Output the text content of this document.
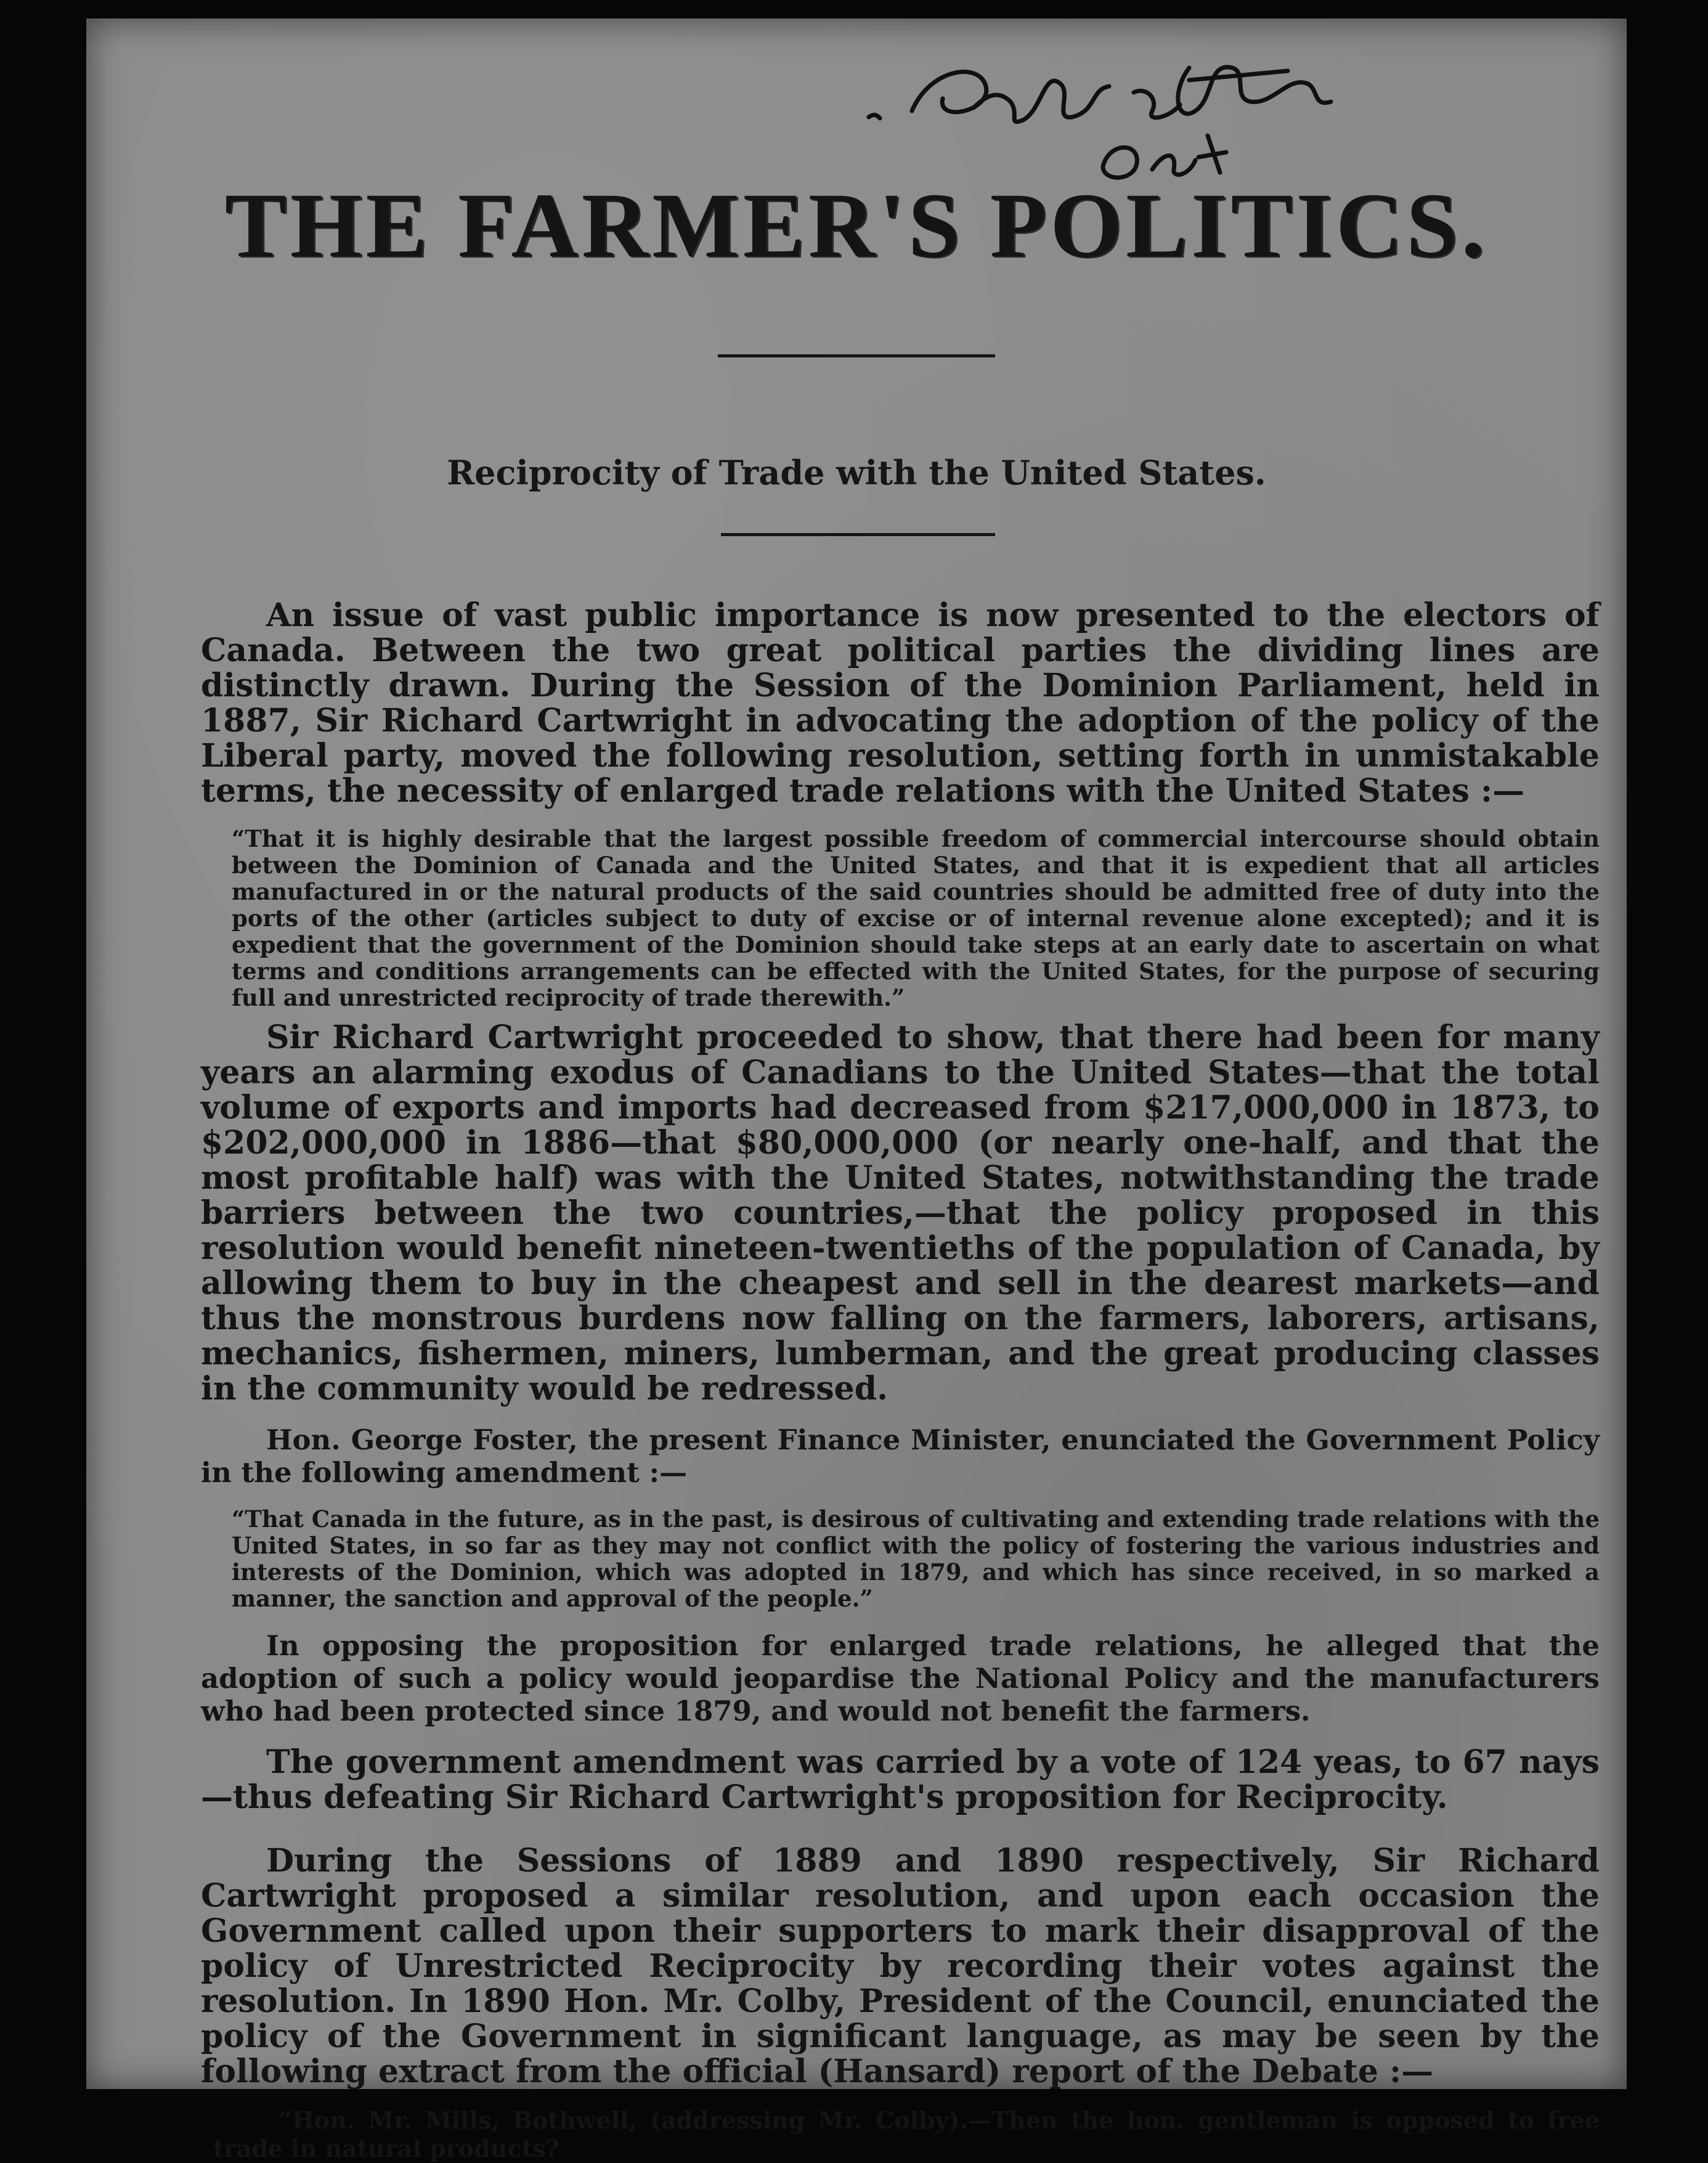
THE FARMER'S POLITICS.
Reciprocity of Trade with the United States.

An issue of vast public importance is now presented to the electors of Canada. Between the two great political parties the dividing lines are distinctly drawn. During the Session of the Dominion Parliament, held in 1887, Sir Richard Cartwright in advocating the adoption of the policy of the Liberal party, moved the following resolution, setting forth in unmistakable terms, the necessity of enlarged trade relations with the United States :—

“That it is highly desirable that the largest possible freedom of commercial intercourse should obtain between the Dominion of Canada and the United States, and that it is expedient that all articles manufactured in or the natural products of the said countries should be admitted free of duty into the ports of the other (articles subject to duty of excise or of internal revenue alone excepted); and it is expedient that the government of the Dominion should take steps at an early date to ascertain on what terms and conditions arrangements can be effected with the United States, for the purpose of securing full and unrestricted reciprocity of trade therewith.”

Sir Richard Cartwright proceeded to show, that there had been for many years an alarming exodus of Canadians to the United States—that the total volume of exports and imports had decreased from $217,000,000 in 1873, to $202,000,000 in 1886—that $80,000,000 (or nearly one-half, and that the most profitable half) was with the United States, notwithstanding the trade barriers between the two countries,—that the policy proposed in this resolution would benefit nineteen-twentieths of the population of Canada, by allowing them to buy in the cheapest and sell in the dearest markets—and thus the monstrous burdens now falling on the farmers, laborers, artisans, mechanics, fishermen, miners, lumberman, and the great producing classes in the community would be redressed.

Hon. George Foster, the present Finance Minister, enunciated the Government Policy in the following amendment :—

“That Canada in the future, as in the past, is desirous of cultivating and extending trade relations with the United States, in so far as they may not conflict with the policy of fostering the various industries and interests of the Dominion, which was adopted in 1879, and which has since received, in so marked a manner, the sanction and approval of the people.”

In opposing the proposition for enlarged trade relations, he alleged that the adoption of such a policy would jeopardise the National Policy and the manufacturers who had been protected since 1879, and would not benefit the farmers.

The government amendment was carried by a vote of 124 yeas, to 67 nays—thus defeating Sir Richard Cartwright's proposition for Reciprocity.

During the Sessions of 1889 and 1890 respectively, Sir Richard Cartwright proposed a similar resolution, and upon each occasion the Government called upon their supporters to mark their disapproval of the policy of Unrestricted Reciprocity by recording their votes against the resolution. In 1890 Hon. Mr. Colby, President of the Council, enunciated the policy of the Government in significant language, as may be seen by the following extract from the official (Hansard) report of the Debate :—

“Hon. Mr. Mills, Bothwell, (addressing Mr. Colby).—Then the hon. gentleman is opposed to free trade in natural products?
